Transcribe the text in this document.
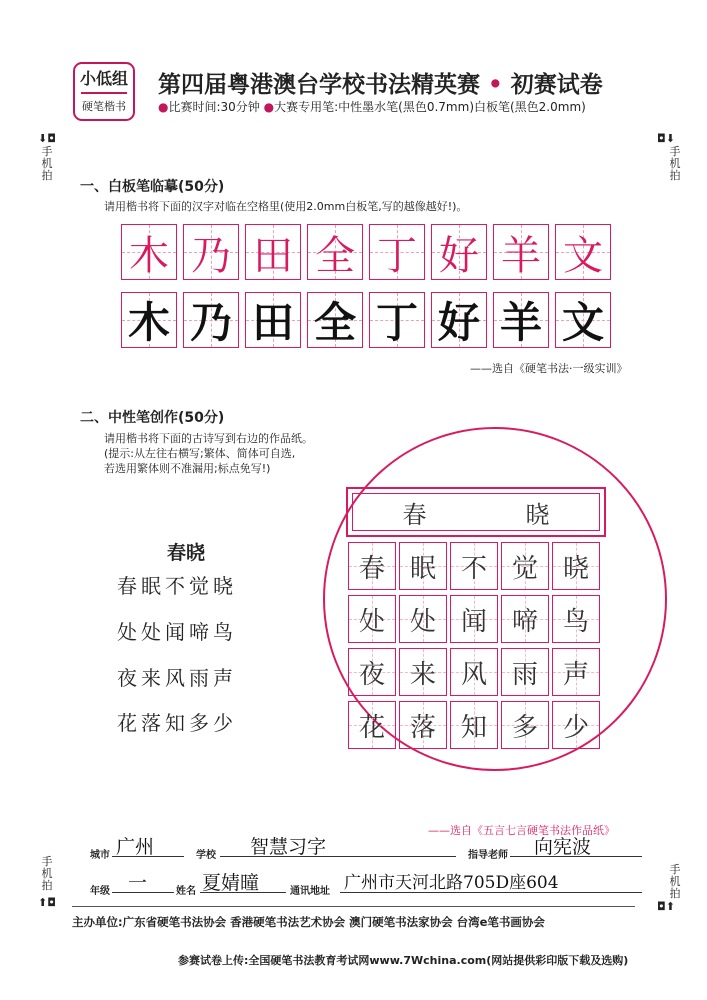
小低组
硬笔楷书
第四届粤港澳台学校书法精英赛 • 初赛试卷
●比赛时间:30分钟 ●大赛专用笔:中性墨水笔(黑色0.7mm)白板笔(黑色2.0mm)
⬇◘
手机拍
◘⬇
手机拍
手机拍
⬆◘
手机拍
◘⬆
一、白板笔临摹(50分)
请用楷书将下面的汉字对临在空格里(使用2.0mm白板笔,写的越像越好!)。
木 乃 田 全 丁 好 羊 文
木 乃 田 全 丁 好 羊 文
——选自《硬笔书法·一级实训》
二、中性笔创作(50分)
请用楷书将下面的古诗写到右边的作品纸。
(提示:从左往右横写;繁体、简体可自选,
若选用繁体则不准漏用;标点免写!)
春晓
春眠不觉晓
处处闻啼鸟
夜来风雨声
花落知多少
春	晓
春 眠 不 觉 晓
处 处 闻 啼 鸟
夜 来 风 雨 声
花 落 知 多 少
——选自《五言七言硬笔书法作品纸》
城市 广州	学校 智慧习字	指导老师 向宪波
年级 一	姓名 夏婧曈	通讯地址 广州市天河北路705D座604
主办单位:广东省硬笔书法协会 香港硬笔书法艺术协会 澳门硬笔书法家协会 台湾e笔书画协会
参赛试卷上传:全国硬笔书法教育考试网www.7Wchina.com(网站提供彩印版下载及选购)
